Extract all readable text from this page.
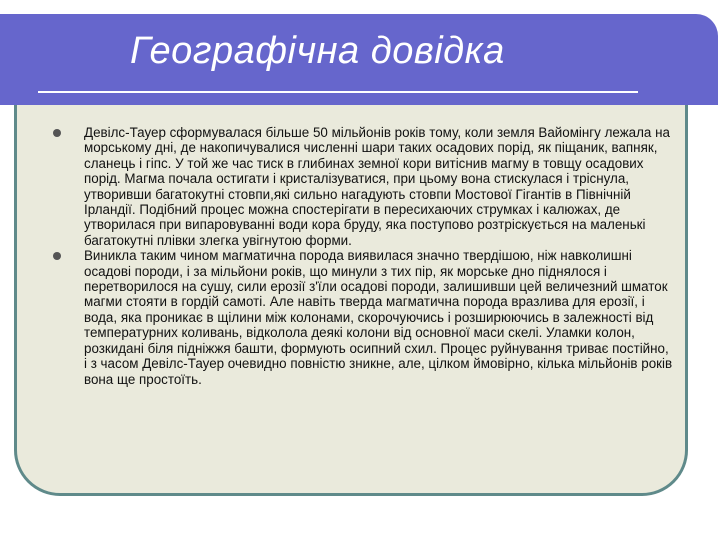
Географічна довідка
Девілс-Тауер сформувалася більше 50 мільйонів років тому, коли земля Вайомінгу лежала на морському дні, де накопичувалися численні шари таких осадових порід, як піщаник, вапняк, сланець і гіпс. У той же час тиск в глибинах земної кори витіснив магму в товщу осадових порід. Магма почала остигати і кристалізуватися, при цьому вона стискулася і тріснула, утворивши багатокутні стовпи,які сильно нагадують стовпи Мостової Гігантів в Північній Ірландії. Подібний процес можна спостерігати в пересихаючих струмках і калюжах, де утворилася при випаровуванні води кора бруду, яка поступово розтріскується на маленькі багатокутні плівки злегка увігнутою форми.
Виникла таким чином магматична порода виявилася значно твердішою, ніж навколишні осадові породи, і за мільйони років, що минули з тих пір, як морське дно піднялося і перетворилося на сушу, сили ерозії з'їли осадові породи, залишивши цей величезний шматок магми стояти в гордій самоті. Але навіть тверда магматична порода вразлива для ерозії, і вода, яка проникає в щілини між колонами, скорочуючись і розширюючись в залежності від температурних коливань, відколола деякі колони від основної маси скелі. Уламки колон, розкидані біля підніжжя башти, формують осипний схил. Процес руйнування триває постійно, і з часом Девілс-Тауер очевидно повністю зникне, але, цілком ймовірно, кілька мільйонів років вона ще простоїть.
